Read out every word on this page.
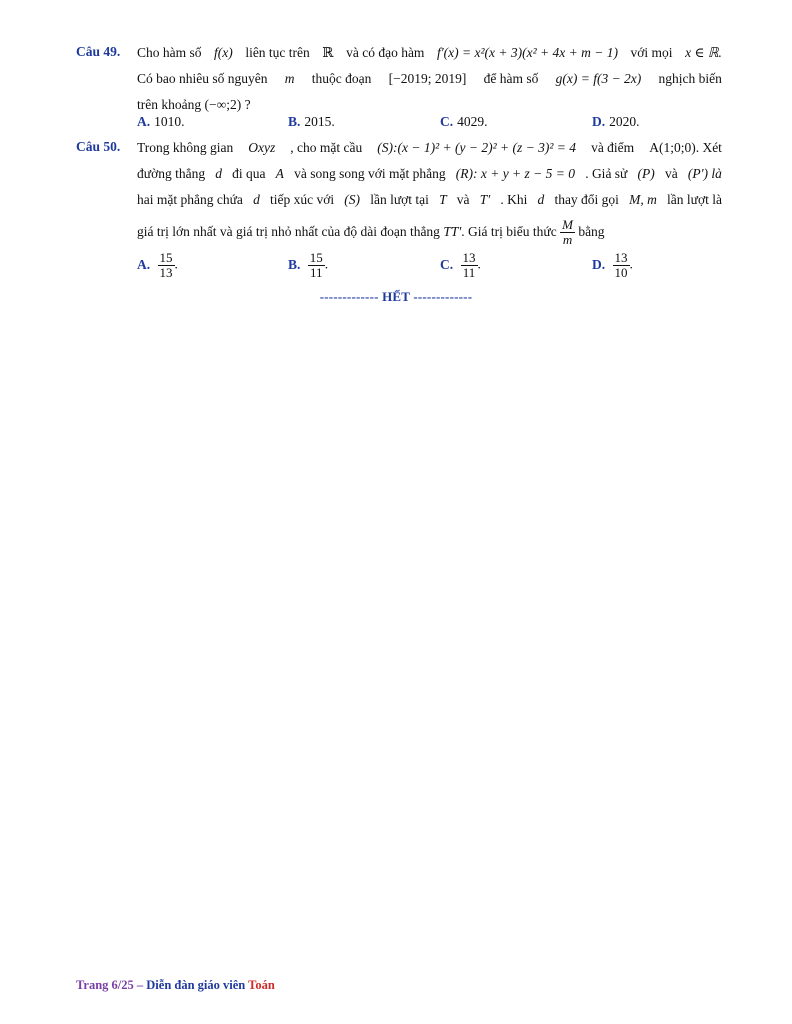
Câu 49. Cho hàm số f(x) liên tục trên ℝ và có đạo hàm f′(x) = x²(x + 3)(x² + 4x + m − 1) với mọi x ∈ ℝ.
Có bao nhiêu số nguyên m thuộc đoạn [−2019; 2019] để hàm số g(x) = f(3 − 2x) nghịch biến
trên khoảng (−∞;2) ?
A. 1010.	B. 2015.	C. 4029.	D. 2020.
Câu 50. Trong không gian Oxyz , cho mặt cầu (S):(x − 1)² + (y − 2)² + (z − 3)² = 4 và điểm A(1;0;0). Xét
đường thẳng d đi qua A và song song với mặt phẳng (R): x + y + z − 5 = 0 . Giả sử (P) và (P′) là
hai mặt phẳng chứa d tiếp xúc với (S) lần lượt tại T và T′ . Khi d thay đổi gọi M, m lần lượt là
giá trị lớn nhất và giá trị nhỏ nhất của độ dài đoạn thẳng TT′. Giá trị biểu thức $\frac{M}{m}$ bằng
A. $\frac{15}{13}$ .	B. $\frac{15}{11}$ .	C. $\frac{13}{11}$ .	D. $\frac{13}{10}$ .
------------- HẾT -------------
Trang 6/25 – Diễn đàn giáo viên Toán
